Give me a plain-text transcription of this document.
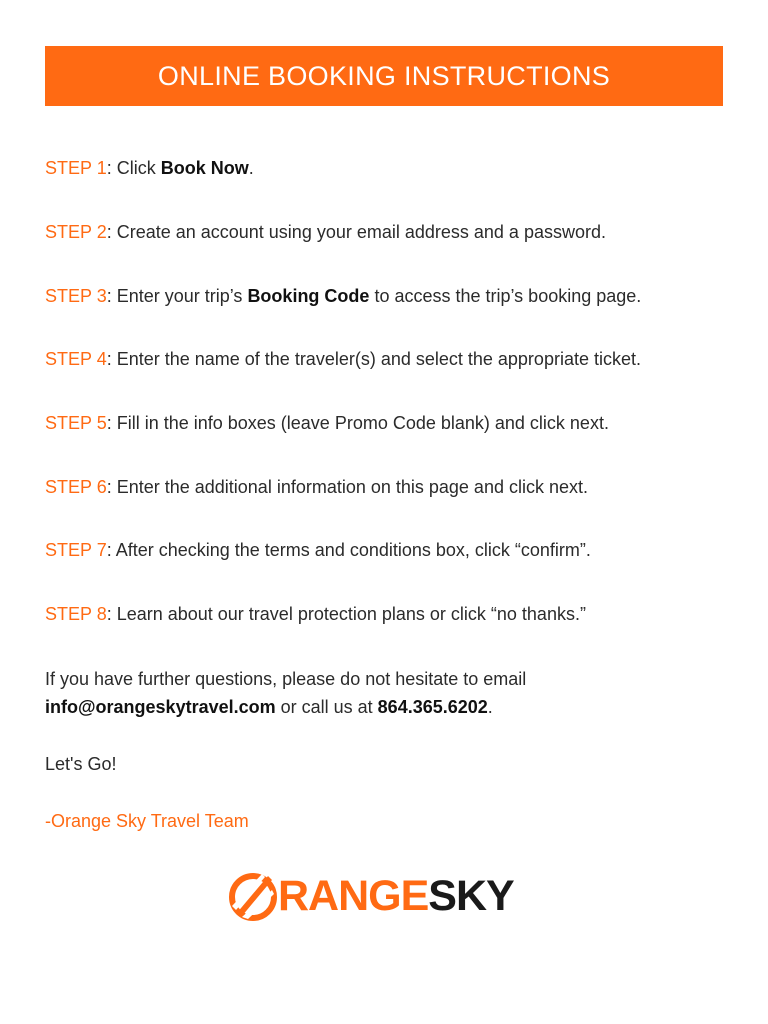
ONLINE BOOKING INSTRUCTIONS
STEP 1: Click Book Now.
STEP 2: Create an account using your email address and a password.
STEP 3: Enter your trip’s Booking Code to access the trip’s booking page.
STEP 4: Enter the name of the traveler(s) and select the appropriate ticket.
STEP 5: Fill in the info boxes (leave Promo Code blank) and click next.
STEP 6: Enter the additional information on this page and click next.
STEP 7: After checking the terms and conditions box, click “confirm”.
STEP 8: Learn about our travel protection plans or click “no thanks.”
If you have further questions, please do not hesitate to email
info@orangeskytravel.com or call us at 864.365.6202.
Let's Go!
-Orange Sky Travel Team
RANGE SKY
